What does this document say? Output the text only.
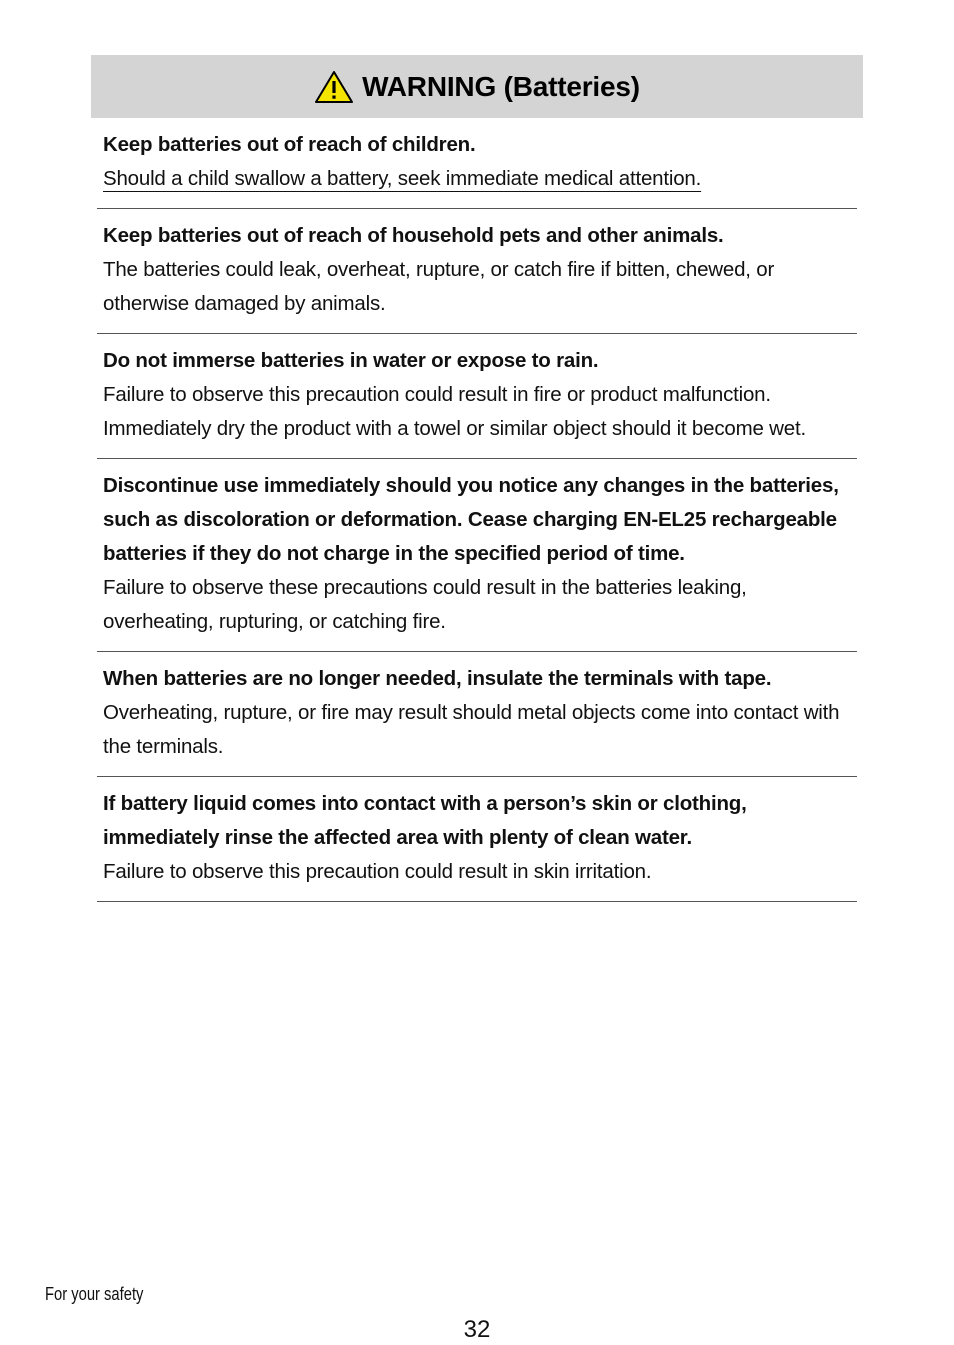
WARNING (Batteries)
Keep batteries out of reach of children.
Should a child swallow a battery, seek immediate medical attention.
Keep batteries out of reach of household pets and other animals.
The batteries could leak, overheat, rupture, or catch fire if bitten, chewed, or otherwise damaged by animals.
Do not immerse batteries in water or expose to rain.
Failure to observe this precaution could result in fire or product malfunction. Immediately dry the product with a towel or similar object should it become wet.
Discontinue use immediately should you notice any changes in the batteries, such as discoloration or deformation. Cease charging EN-EL25 rechargeable batteries if they do not charge in the specified period of time.
Failure to observe these precautions could result in the batteries leaking, overheating, rupturing, or catching fire.
When batteries are no longer needed, insulate the terminals with tape.
Overheating, rupture, or fire may result should metal objects come into contact with the terminals.
If battery liquid comes into contact with a person’s skin or clothing, immediately rinse the affected area with plenty of clean water.
Failure to observe this precaution could result in skin irritation.
For your safety
32
